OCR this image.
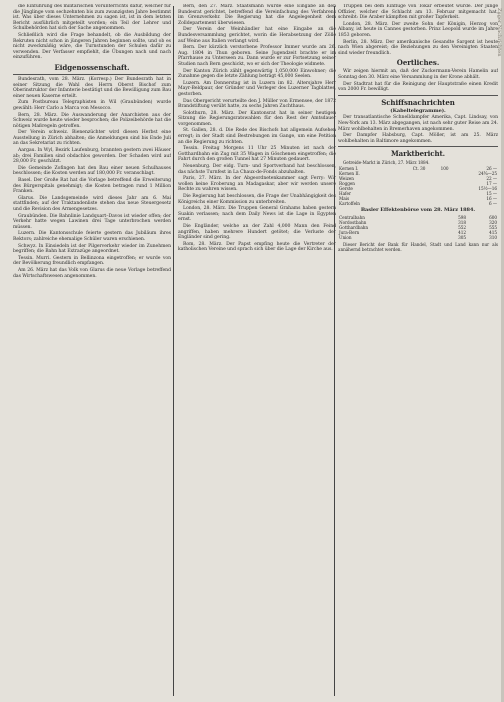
die Einführung des militärischen Vorunterrichts dafür, welcher für die Jünglinge vom sechzehnten bis zum zwanzigsten Jahre bestimmt ist. Was über dieses Unternehmen zu sagen ist, ist in dem letzten Bericht ausführlich mitgeteilt worden; ein Teil der Lehrer und Schulbehörden hat sich der Sache angenommen.

Schließlich wird die Frage behandelt, ob die Ausbildung der Rekruten nicht schon in jüngeren Jahren beginnen sollte, und ob es nicht zweckmäßig wäre, die Turnstunden der Schulen dafür zu verwenden. Der Verfasser empfiehlt, die Übungen nach und nach einzuführen.

Eidgenossenschaft.

Bundesrath, vom 28. März. (Korresp.) Der Bundesrath hat in seiner Sitzung die Wahl des Herrn Oberst Bischof zum Oberinstruktor der Infanterie bestätigt und die Bewilligung zum Bau einer neuen Kaserne erteilt.

Zum Postbureau Telegraphisten in Wil (Graubünden) wurde gewählt: Herr Carlo a Marca von Mesocco.

Bern, 28. März. Die Auswanderung der Anarchisten aus der Schweiz wurde heute wieder besprochen; die Polizeibehörde hat die nötigen Maßregeln getroffen.

Der Verein schweiz. Bienenzüchter wird diesen Herbst eine Ausstellung in Zürich abhalten; die Anmeldungen sind bis Ende Juli an das Sekretariat zu richten.

Aargau. In Wyl, Bezirk Laufenburg, brannten gestern zwei Häuser ab; drei Familien sind obdachlos geworden. Der Schaden wird auf 28,000 Fr. geschätzt.

Die Gemeinde Zofingen hat den Bau einer neuen Schulhauses beschlossen; die Kosten werden auf 180,000 Fr. veranschlagt.

Basel. Der Große Rat hat die Vorlage betreffend die Erweiterung des Bürgerspitals genehmigt; die Kosten betragen rund 1 Million Franken.

Glarus. Die Landsgemeinde wird dieses Jahr am 6. Mai stattfinden; auf der Traktandenliste stehen das neue Steuergesetz und die Revision des Armengesetzes.

Graubünden. Die Bahnlinie Landquart–Davos ist wieder offen; der Verkehr hatte wegen Lawinen drei Tage unterbrochen werden müssen.

Luzern. Die Kantonsschule feierte gestern das Jubiläum ihres Rektors; zahlreiche ehemalige Schüler waren erschienen.

Schwyz. In Einsiedeln ist der Pilgerverkehr wieder im Zunehmen begriffen; die Bahn hat Extrazüge angeordnet.

Tessin. Murri. Gestern in Bellinzona eingetroffen; er wurde von der Bevölkerung freundlich empfangen.

Am 26. März hat das Volk von Glarus die neue Vorlage betreffend das Wirtschaftswesen angenommen.

Bern, den 27. März. Staatsmann wurde eine Eingabe an den Bundesrat gerichtet, betreffend die Vereinfachung des Verfahrens im Grenzverkehr. Die Regierung hat die Angelegenheit dem Zolldepartement überwiesen.

Der Verein der Weinhändler hat eine Eingabe an die Bundesversammlung gerichtet, worin die Herabsetzung der Zölle auf Weine aus Italien verlangt wird.

Bern. Der kürzlich verstorbene Professor Immer wurde am 26. Aug. 1804 in Thun geboren. Seine Jugendzeit brachte er im Pfarrhause zu Unterseen zu. Dann wurde er zur Fortsetzung seiner Studien nach Bern geschickt, wo er sich der Theologie widmete.

Der Kanton Zürich zählt gegenwärtig 1,050,000 Einwohner; die Zunahme gegen die letzte Zählung beträgt 45,000 Seelen.

Luzern. Am Donnerstag ist in Luzern im 82. Altersjahre Herr Mayr-Beldpaur, der Gründer und Verleger des Luzerner Tagblattes, gestorben.

Das Obergericht verurteilte den J. Müller von Ermensee, der 1872 Brandstiftung verübt hatte, zu sechs Jahren Zuchthaus.

Solothurn, 28. März. Der Kantonsrat hat in seiner heutigen Sitzung die Regierungsratswahlen für den Rest der Amtsdauer vorgenommen.

St. Gallen, 28. d. Die Rede des Bischofs hat allgemein Aufsehen erregt; in der Stadt sind Bestrebungen im Gange, um eine Petition an die Regierung zu richten.

Tessin. Freitag Morgens 11 Uhr 25 Minuten ist nach der Gotthardbahn ein Zug mit 35 Wagen in Göschenen eingetroffen; die Fahrt durch den großen Tunnel hat 27 Minuten gedauert.

Neuenburg. Der eidg. Turn- und Sportverband hat beschlossen, das nächste Turnfest in La Chaux-de-Fonds abzuhalten.

Paris, 27. März. In der Abgeordnetenkammer sagt Ferry: Wir wollen keine Eroberung an Madagaskar, aber wir werden unsere Rechte zu wahren wissen.

Die Regierung hat beschlossen, die Frage der Unabhängigkeit des Königreichs einer Kommission zu unterbreiten.

London, 28. März. Die Truppen General Grahams haben gestern Suakin verlassen; nach dem Daily News ist die Lage in Egypten ernst.

Die Engländer, welche an der Zahl 4,000 Mann den Feind angriffen, haben mehrere Hundert getötet; die Verluste der Engländer sind gering.

Rom, 28. März. Der Papst empfing heute die Vertreter der katholischen Vereine und sprach sich über die Lage der Kirche aus.

Truppen bei dem Einfluge von Tokar erbeutet wurde. Der junge Offizier, welcher die Schlacht am 13. Februar mitgemacht hat, schreibt: Die Araber kämpften mit großer Tapferkeit.

London, 28. März. Der zweite Sohn der Königin, Herzog von Albany, ist heute in Cannes gestorben. Prinz Leopold wurde im Jahre 1853 geboren.

Berlin, 28. März. Der amerikanische Gesandte Sargent ist heute nach Wien abgereist; die Beziehungen zu den Vereinigten Staaten sind wieder freundlich.

Oertliches.

Wir zeigen hiermit an, daß der Zuckermann-Verein Hamelin auf Sonntag den 30. März eine Versammlung in der Krone abhält.

Der Stadtrat hat für die Reinigung der Hauptstraße einen Kredit von 2000 Fr. bewilligt.

Schiffsnachrichten
(Kabeltelegramme).

Der transatlantische Schnelldampfer Amerika, Capt. Lindsay, von New-York am 13. März abgegangen, ist nach sehr guter Reise am 24. März wohlbehalten in Bremerhaven angekommen.

Der Dampfer Habsburg, Capt. Möller, ist am 25. März wohlbehalten in Baltimore angekommen.

Marktbericht.

Getreide-Markt in Zürich, 27. März 1884.

Kernen I.	Ct. 30	100	26 —
Kernen II.			24¾—25
Weizen			22 —
Roggen			17 —
Gerste			15½—16
Hafer			15 —
Mais			16 —
Kartoffeln			6 —
Basler Effektenbörse vom 28. März 1884.
Centralbahn	598	600
Nordostbahn	318	320
Gotthardbahn	552	555
Jura-Bern	412	415
Union	305	310

Dieser Bericht der Bank für Handel, Stadt und Land kann nur als annähernd betrachtet werden.

Zuger Nachrichten
